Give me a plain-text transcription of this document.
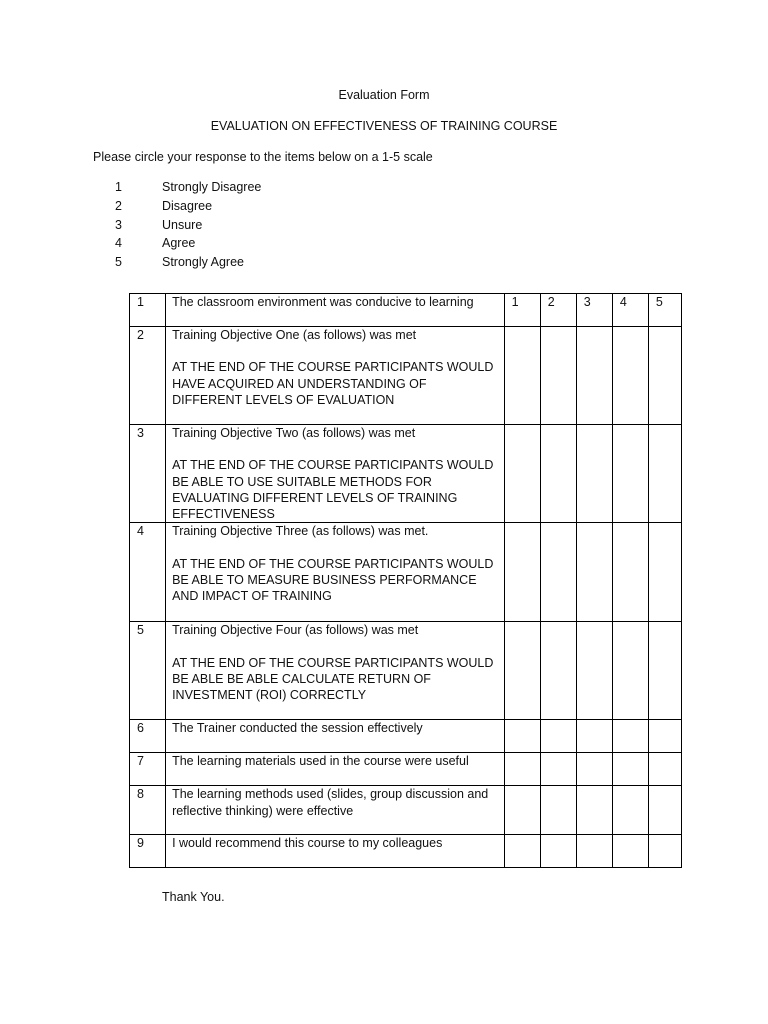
Evaluation Form
EVALUATION ON EFFECTIVENESS OF TRAINING COURSE
Please circle your response to the items below on a 1-5 scale
1	Strongly Disagree
2	Disagree
3	Unsure
4	Agree
5	Strongly Agree
1	The classroom environment was conducive to learning	1	2	3	4	5
2	Training Objective One (as follows) was met
AT THE END OF THE COURSE PARTICIPANTS WOULD HAVE ACQUIRED AN UNDERSTANDING OF DIFFERENT LEVELS OF EVALUATION					

3	Training Objective Two (as follows) was met
AT THE END OF THE COURSE PARTICIPANTS WOULD BE ABLE TO USE SUITABLE METHODS FOR EVALUATING DIFFERENT LEVELS OF TRAINING EFFECTIVENESS					

4	Training Objective Three (as follows) was met.
AT THE END OF THE COURSE PARTICIPANTS WOULD BE ABLE TO MEASURE BUSINESS PERFORMANCE AND IMPACT OF TRAINING					

5	Training Objective Four (as follows) was met
AT THE END OF THE COURSE PARTICIPANTS WOULD BE ABLE BE ABLE CALCULATE RETURN OF INVESTMENT (ROI) CORRECTLY					

6	The Trainer conducted the session effectively					

7	The learning materials used in the course were useful					

8	The learning methods used (slides, group discussion and reflective thinking) were effective					

9	I would recommend this course to my colleagues					

Thank You.
